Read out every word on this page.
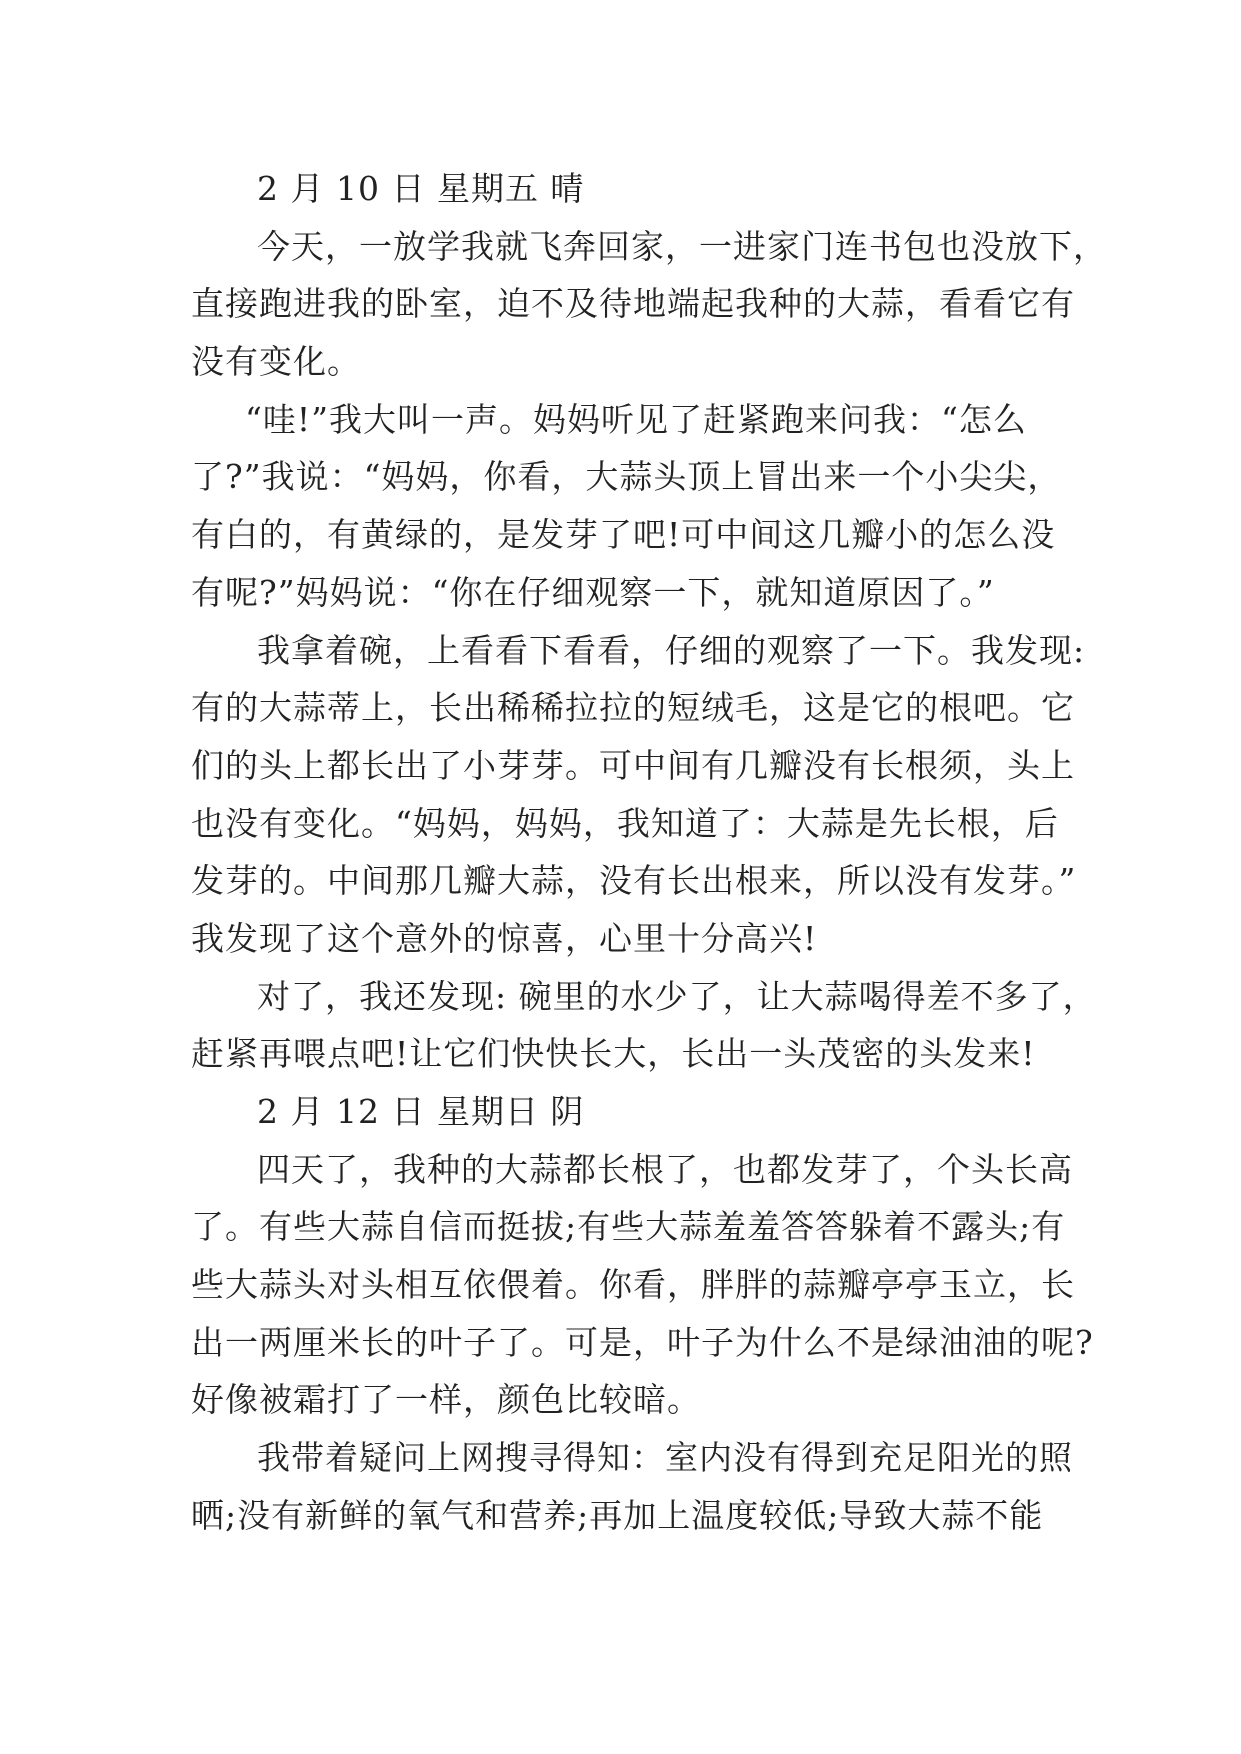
2 月 10 日 星期五 晴
今天，一放学我就飞奔回家，一进家门连书包也没放下，
直接跑进我的卧室，迫不及待地端起我种的大蒜，看看它有
没有变化。
“哇!”我大叫一声。妈妈听见了赶紧跑来问我：“怎么
了?”我说：“妈妈，你看，大蒜头顶上冒出来一个小尖尖，
有白的，有黄绿的，是发芽了吧!可中间这几瓣小的怎么没
有呢?”妈妈说：“你在仔细观察一下，就知道原因了。”
我拿着碗，上看看下看看，仔细的观察了一下。我发现:
有的大蒜蒂上，长出稀稀拉拉的短绒毛，这是它的根吧。它
们的头上都长出了小芽芽。可中间有几瓣没有长根须，头上
也没有变化。“妈妈，妈妈，我知道了：大蒜是先长根，后
发芽的。中间那几瓣大蒜，没有长出根来，所以没有发芽。”
我发现了这个意外的惊喜，心里十分高兴!
对了，我还发现: 碗里的水少了，让大蒜喝得差不多了，
赶紧再喂点吧!让它们快快长大，长出一头茂密的头发来!
2 月 12 日 星期日 阴
四天了，我种的大蒜都长根了，也都发芽了，个头长高
了。有些大蒜自信而挺拔;有些大蒜羞羞答答躲着不露头;有
些大蒜头对头相互依偎着。你看，胖胖的蒜瓣亭亭玉立，长
出一两厘米长的叶子了。可是，叶子为什么不是绿油油的呢?
好像被霜打了一样，颜色比较暗。
我带着疑问上网搜寻得知：室内没有得到充足阳光的照
晒;没有新鲜的氧气和营养;再加上温度较低;导致大蒜不能
